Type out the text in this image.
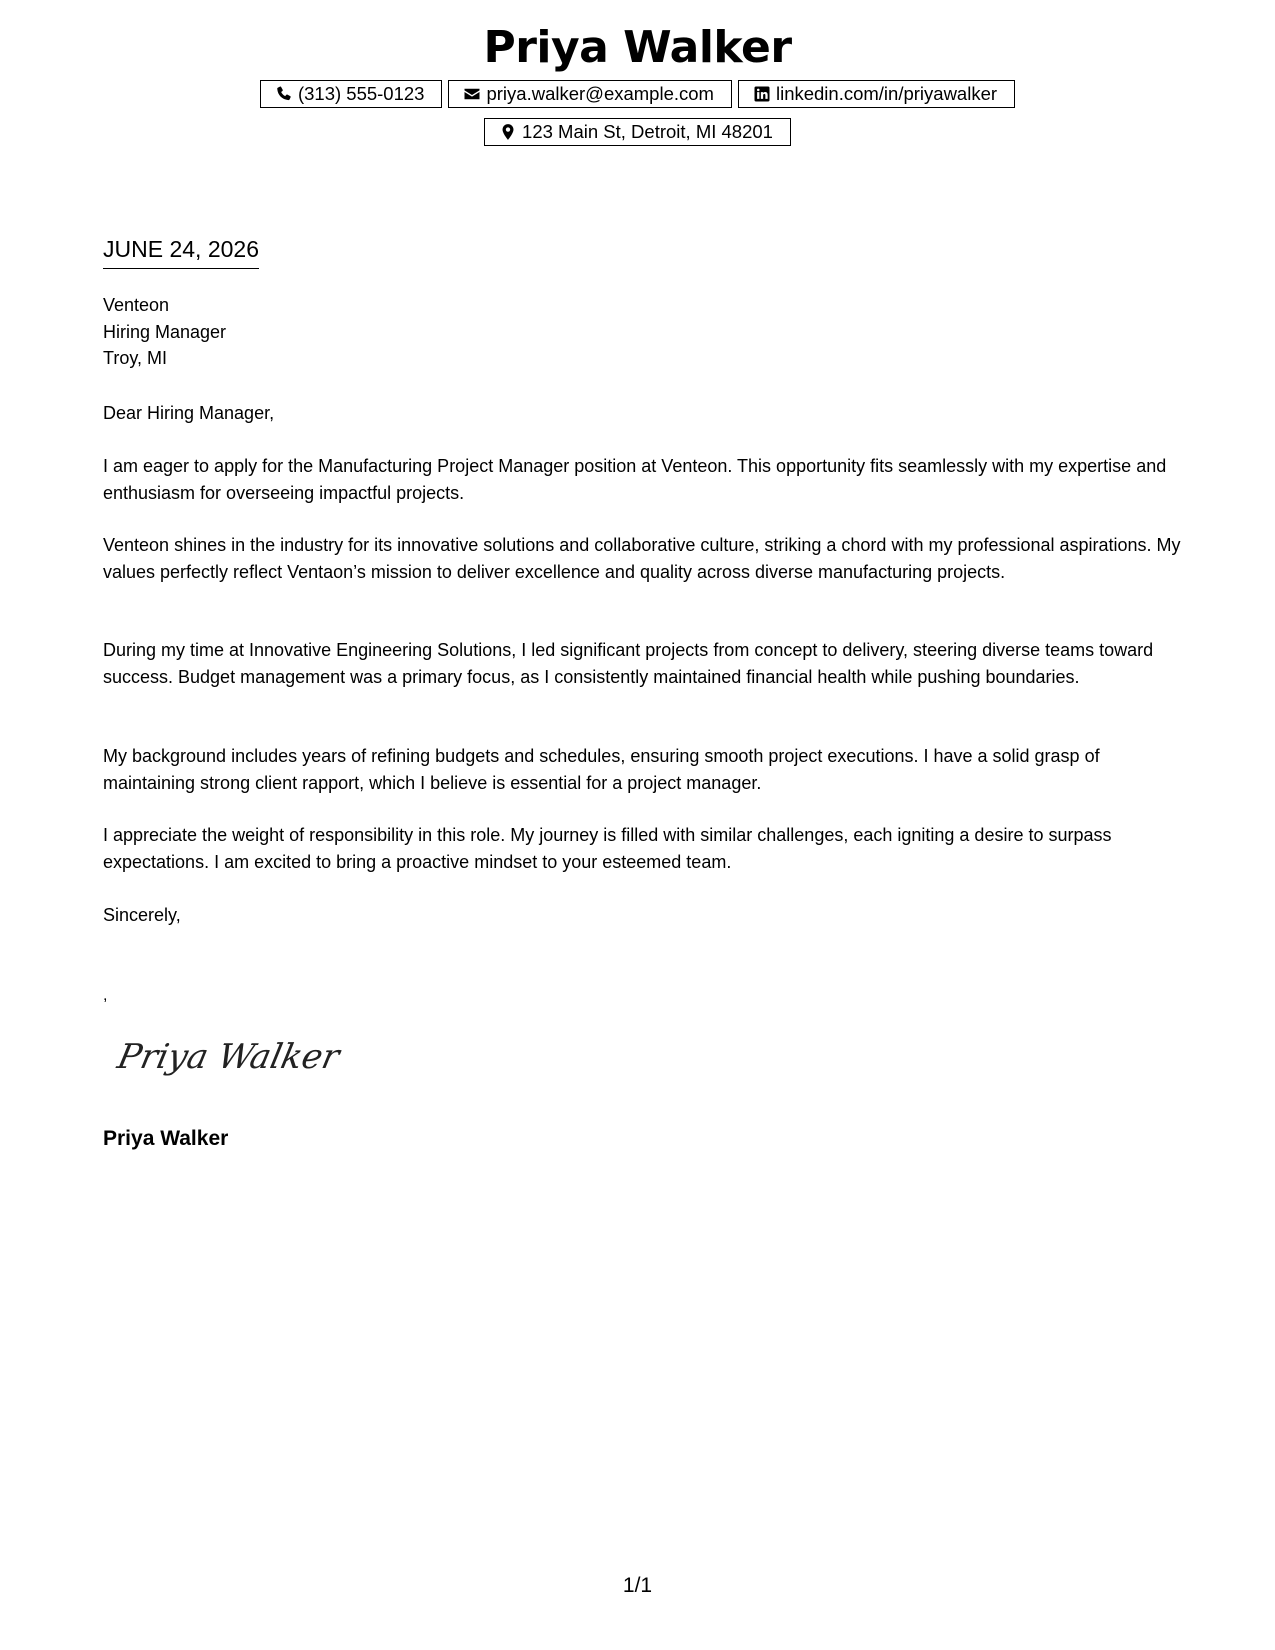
Priya Walker
(313) 555-0123	priya.walker@example.com	linkedin.com/in/priyawalker
123 Main St, Detroit, MI 48201
JUNE 24, 2026
Venteon
Hiring Manager
Troy, MI
Dear Hiring Manager,
I am eager to apply for the Manufacturing Project Manager position at Venteon. This opportunity fits seamlessly with my expertise and enthusiasm for overseeing impactful projects.
Venteon shines in the industry for its innovative solutions and collaborative culture, striking a chord with my professional aspirations. My values perfectly reflect Ventaon’s mission to deliver excellence and quality across diverse manufacturing projects.
During my time at Innovative Engineering Solutions, I led significant projects from concept to delivery, steering diverse teams toward success. Budget management was a primary focus, as I consistently maintained financial health while pushing boundaries.
My background includes years of refining budgets and schedules, ensuring smooth project executions. I have a solid grasp of maintaining strong client rapport, which I believe is essential for a project manager.
I appreciate the weight of responsibility in this role. My journey is filled with similar challenges, each igniting a desire to surpass expectations. I am excited to bring a proactive mindset to your esteemed team.
Sincerely,
,
Priya Walker
Priya Walker
1/1
